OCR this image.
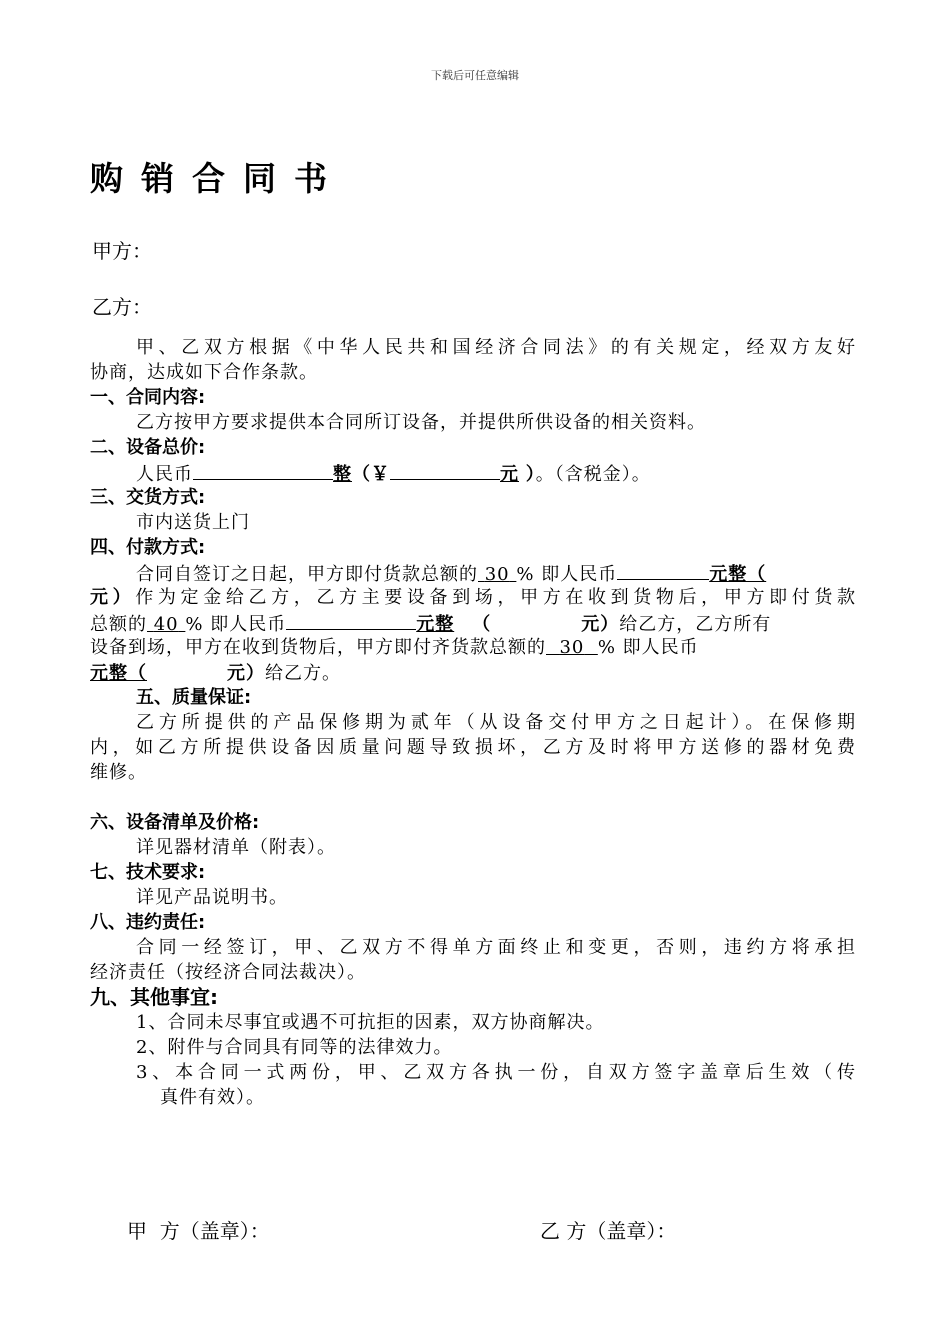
下载后可任意编辑
购销合同书
甲方：
乙方：
甲、乙双方根据《中华人民共和国经济合同法》的有关规定，经双方友好
协商，达成如下合作条款。
一、合同内容:
乙方按甲方要求提供本合同所订设备，并提供所供设备的相关资料。
二、设备总价:
人民币	整（￥	元 ）。（含税金）。
三、交货方式:
市内送货上门
四、付款方式:
合同自签订之日起，甲方即付货款总额的 30 % 即人民币	元整（
元）作为定金给乙方，乙方主要设备到场，甲方在收到货物后，甲方即付货款
总额的 40 % 即人民币	元整 （	元）给乙方，乙方所有
设备到场，甲方在收到货物后，甲方即付齐货款总额的 30 % 即人民币
元整（	元）给乙方。
五、质量保证:
乙方所提供的产品保修期为贰年（从设备交付甲方之日起计）。在保修期
内，如乙方所提供设备因质量问题导致损坏，乙方及时将甲方送修的器材免费
维修。
六、设备清单及价格:
详见器材清单（附表）。
七、技术要求:
详见产品说明书。
八、违约责任:
合同一经签订，甲、乙双方不得单方面终止和变更，否则，违约方将承担
经济责任（按经济合同法裁决）。
九、其他事宜:
1、合同未尽事宜或遇不可抗拒的因素，双方协商解决。
2、附件与合同具有同等的法律效力。
3、本合同一式两份，甲、乙双方各执一份，自双方签字盖章后生效（传
真件有效）。
甲  方（盖章）：	乙 方（盖章）：
